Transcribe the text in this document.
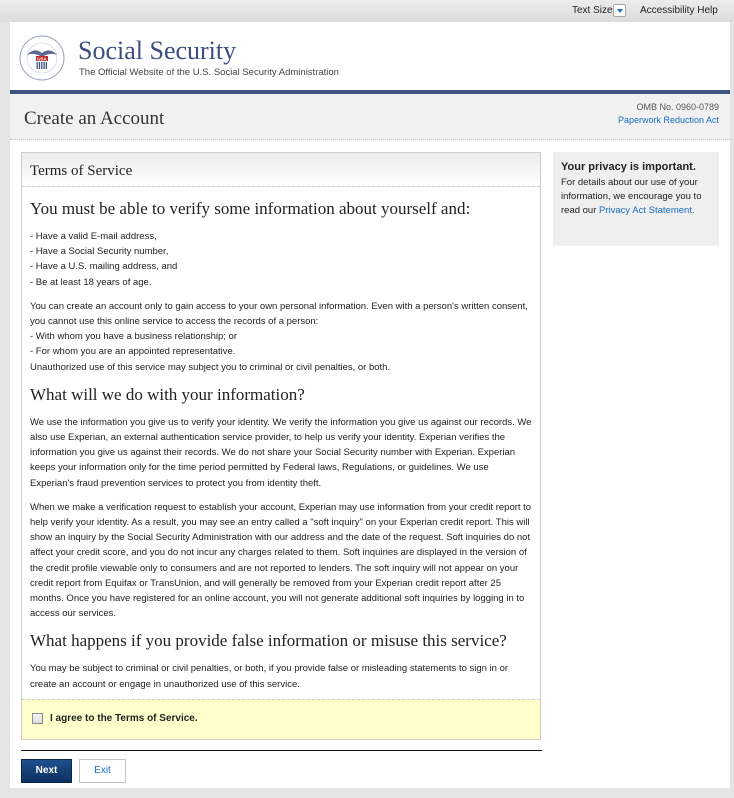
Text Size	Accessibility Help
USA Social Security
The Official Website of the U.S. Social Security Administration
Create an Account
OMB No. 0960-0789
Paperwork Reduction Act
Terms of Service
You must be able to verify some information about yourself and:
- Have a valid E-mail address,
- Have a Social Security number,
- Have a U.S. mailing address, and
- Be at least 18 years of age.
You can create an account only to gain access to your own personal information. Even with a person's written consent, you cannot use this online service to access the records of a person:
- With whom you have a business relationship; or
- For whom you are an appointed representative.
Unauthorized use of this service may subject you to criminal or civil penalties, or both.
What will we do with your information?
We use the information you give us to verify your identity. We verify the information you give us against our records. We also use Experian, an external authentication service provider, to help us verify your identity. Experian verifies the information you give us against their records. We do not share your Social Security number with Experian. Experian keeps your information only for the time period permitted by Federal laws, Regulations, or guidelines. We use Experian's fraud prevention services to protect you from identity theft.
When we make a verification request to establish your account, Experian may use information from your credit report to help verify your identity. As a result, you may see an entry called a "soft inquiry" on your Experian credit report. This will show an inquiry by the Social Security Administration with our address and the date of the request. Soft inquiries do not affect your credit score, and you do not incur any charges related to them. Soft inquiries are displayed in the version of the credit profile viewable only to consumers and are not reported to lenders. The soft inquiry will not appear on your credit report from Equifax or TransUnion, and will generally be removed from your Experian credit report after 25 months. Once you have registered for an online account, you will not generate additional soft inquiries by logging in to access our services.
What happens if you provide false information or misuse this service?
You may be subject to criminal or civil penalties, or both, if you provide false or misleading statements to sign in or create an account or engage in unauthorized use of this service.
I agree to the Terms of Service.
Next	Exit
Your privacy is important.
For details about our use of your information, we encourage you to read our Privacy Act Statement.
